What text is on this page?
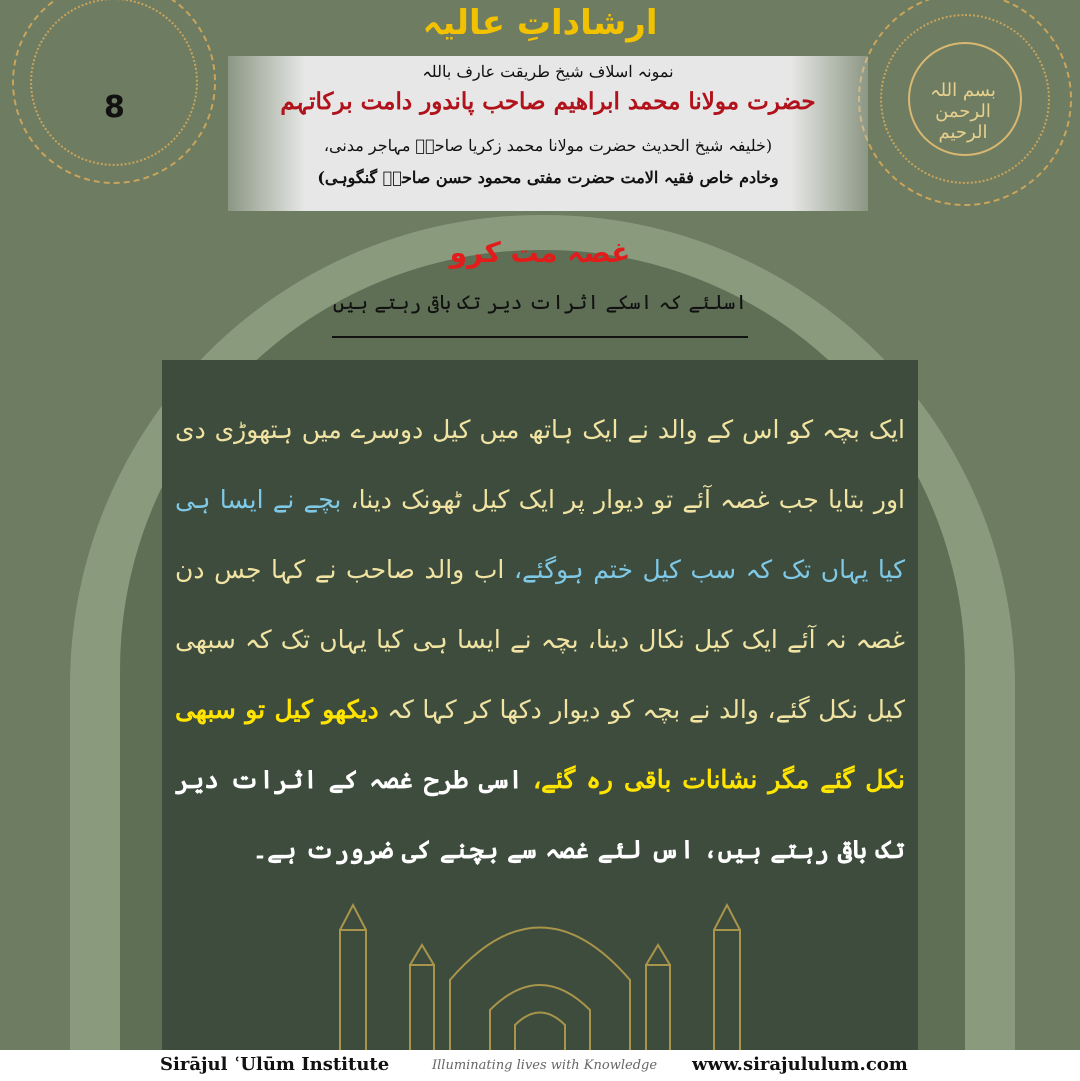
8	بسم اللہ الرحمن الرحیم
ارشاداتِ عالیہ
نمونہ اسلاف شیخ طریقت عارف باللہ
حضرت مولانا محمد ابراھیم صاحب پاندور دامت برکاتہم
(خلیفہ شیخ الحدیث حضرت مولانا محمد زکریا صاحبؒ مہاجر مدنی،
وخادم خاص فقیہ الامت حضرت مفتی محمود حسن صاحبؒ گنگوہی)
غصہ مت کرو
اسلئے کہ اسکے اثرات دیر تک باقی رہتے ہیں
ایک بچہ کو اس کے والد نے ایک ہاتھ میں کیل دوسرے میں ہتھوڑی دی اور بتایا جب غصہ آئے تو دیوار پر ایک کیل ٹھونک دینا، بچے نے ایسا ہی کیا یہاں تک کہ سب کیل ختم ہوگئے، اب والد صاحب نے کہا جس دن غصہ نہ آئے ایک کیل نکال دینا، بچہ نے ایسا ہی کیا یہاں تک کہ سبھی کیل نکل گئے، والد نے بچہ کو دیوار دکھا کر کہا کہ دیکھو کیل تو سبھی نکل گئے مگر نشانات باقی رہ گئے، اسی طرح غصہ کے اثرات دیر تک باقی رہتے ہیں، اس لئے غصہ سے بچنے کی ضرورت ہے۔
Sirājul ʿUlūm Institute	Illuminating lives with Knowledge www.sirajululum.com
